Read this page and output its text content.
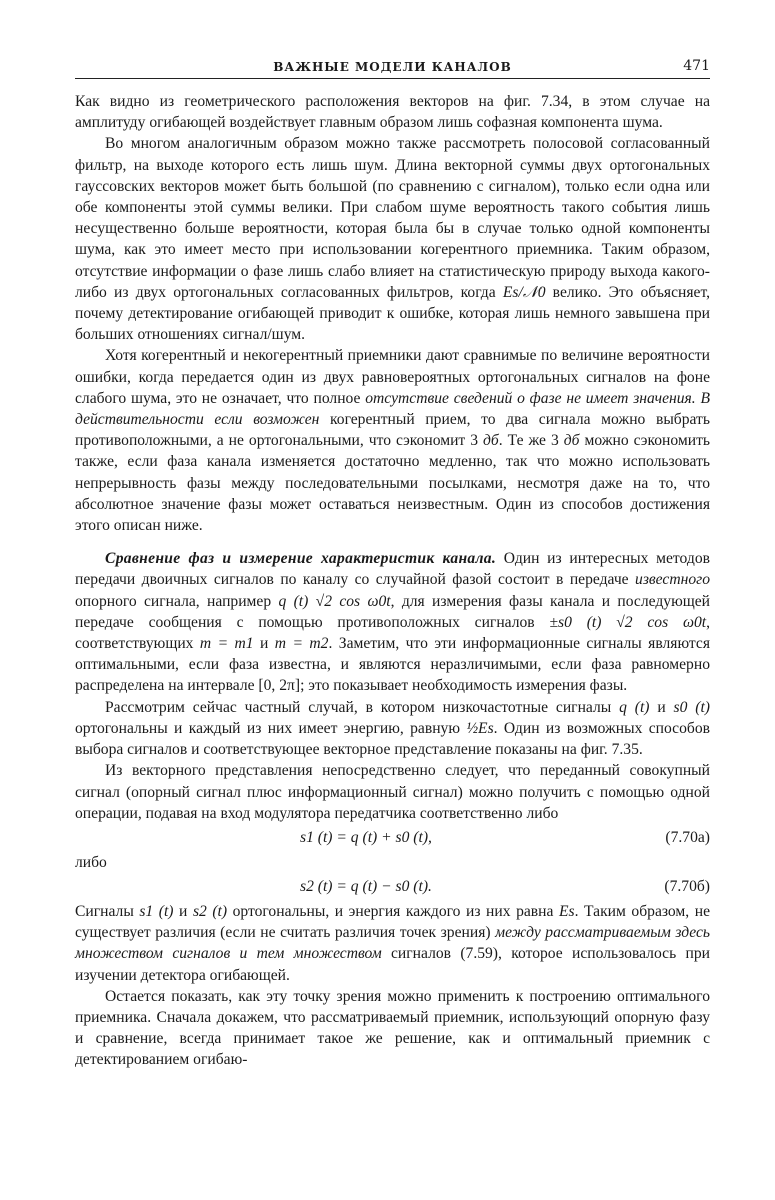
ВАЖНЫЕ МОДЕЛИ КАНАЛОВ	471

Как видно из геометрического расположения векторов на фиг. 7.34, в этом случае на амплитуду огибающей воздействует главным образом лишь софазная компонента шума.

Во многом аналогичным образом можно также рассмотреть полосовой согласованный фильтр, на выходе которого есть лишь шум. Длина векторной суммы двух ортогональных гауссовских векторов может быть большой (по сравнению с сигналом), только если одна или обе компоненты этой суммы велики. При слабом шуме вероятность такого события лишь несущественно больше вероятности, которая была бы в случае только одной компоненты шума, как это имеет место при использовании когерентного приемника. Таким образом, отсутствие информации о фазе лишь слабо влияет на статистическую природу выхода какого-либо из двух ортогональных согласованных фильтров, когда Es/𝒩0 велико. Это объясняет, почему детектирование огибающей приводит к ошибке, которая лишь немного завышена при больших отношениях сигнал/шум.

Хотя когерентный и некогерентный приемники дают сравнимые по величине вероятности ошибки, когда передается один из двух равновероятных ортогональных сигналов на фоне слабого шума, это не означает, что полное отсутствие сведений о фазе не имеет значения. В действительности если возможен когерентный прием, то два сигнала можно выбрать противоположными, а не ортогональными, что сэкономит 3 дб. Те же 3 дб можно сэкономить также, если фаза канала изменяется достаточно медленно, так что можно использовать непрерывность фазы между последовательными посылками, несмотря даже на то, что абсолютное значение фазы может оставаться неизвестным. Один из способов достижения этого описан ниже.

Сравнение фаз и измерение характеристик канала. Один из интересных методов передачи двоичных сигналов по каналу со случайной фазой состоит в передаче известного опорного сигнала, например q (t) √2 cos ω0t, для измерения фазы канала и последующей передаче сообщения с помощью противоположных сигналов ±s0 (t) √2 cos ω0t, соответствующих m = m1 и m = m2. Заметим, что эти информационные сигналы являются оптимальными, если фаза известна, и являются неразличимыми, если фаза равномерно распределена на интервале [0, 2π]; это показывает необходимость измерения фазы.

Рассмотрим сейчас частный случай, в котором низкочастотные сигналы q (t) и s0 (t) ортогональны и каждый из них имеет энергию, равную ½Es. Один из возможных способов выбора сигналов и соответствующее векторное представление показаны на фиг. 7.35.

Из векторного представления непосредственно следует, что переданный совокупный сигнал (опорный сигнал плюс информационный сигнал) можно получить с помощью одной операции, подавая на вход модулятора передатчика соответственно либо

s1 (t) = q (t) + s0 (t),	(7.70а)
либо
s2 (t) = q (t) − s0 (t).	(7.70б)

Сигналы s1 (t) и s2 (t) ортогональны, и энергия каждого из них равна Es. Таким образом, не существует различия (если не считать различия точек зрения) между рассматриваемым здесь множеством сигналов и тем множеством сигналов (7.59), которое использовалось при изучении детектора огибающей.

Остается показать, как эту точку зрения можно применить к построению оптимального приемника. Сначала докажем, что рассматриваемый приемник, использующий опорную фазу и сравнение, всегда принимает такое же решение, как и оптимальный приемник с детектированием огибаю-
